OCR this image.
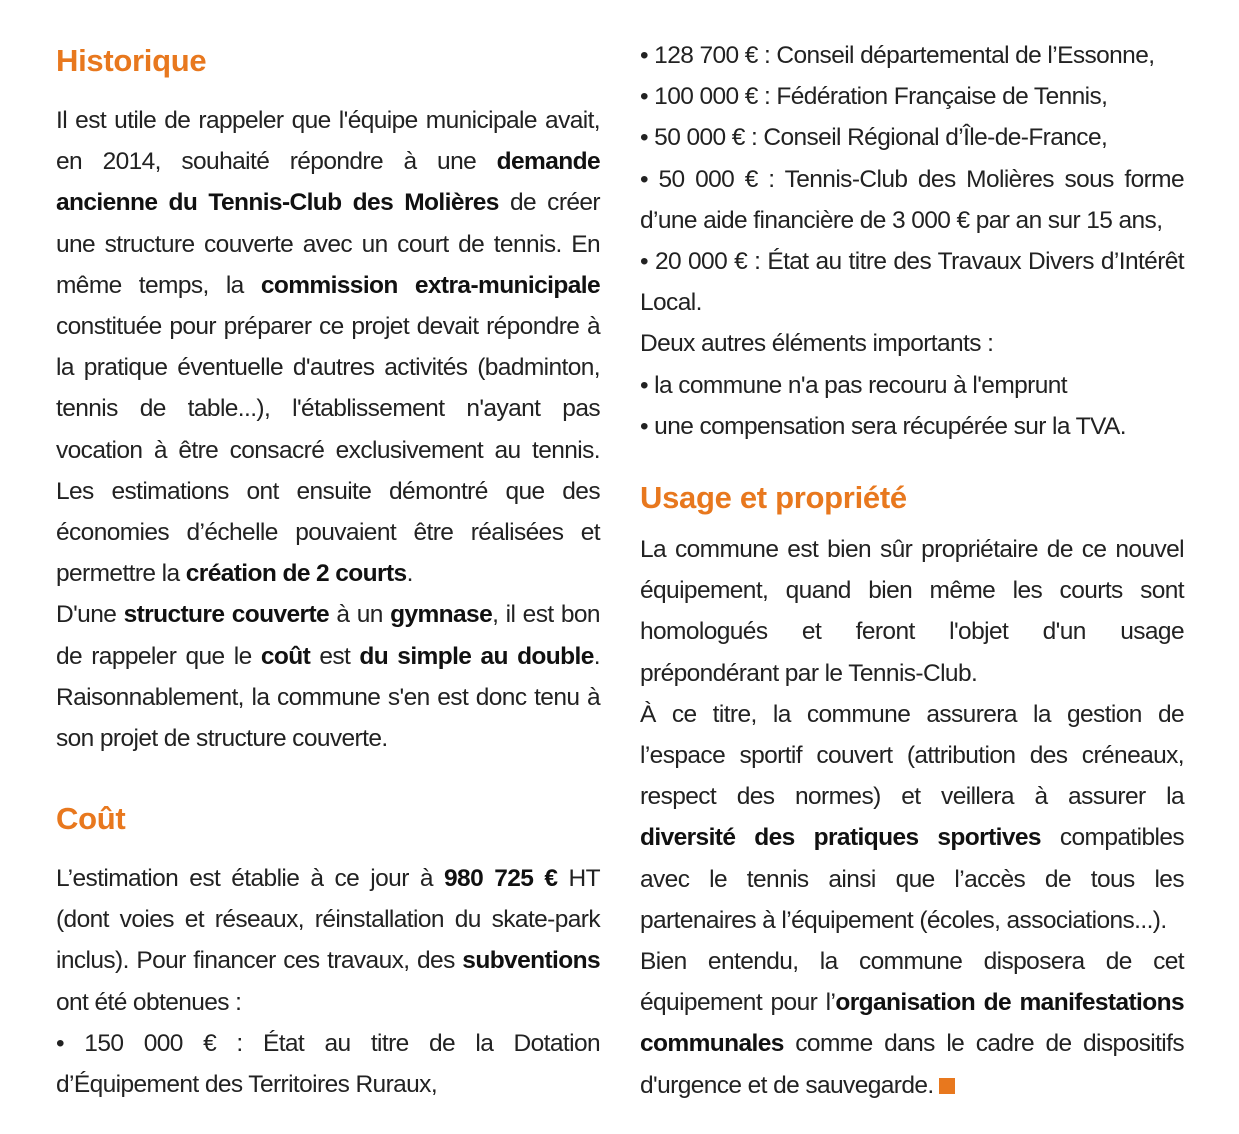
Historique

Il est utile de rappeler que l'équipe municipale avait, en 2014, souhaité répondre à une demande ancienne du Tennis-Club des Molières de créer une structure couverte avec un court de tennis. En même temps, la commission extra-municipale constituée pour préparer ce projet devait répondre à la pratique éventuelle d'autres activités (badminton, tennis de table...), l'établissement n'ayant pas vocation à être consacré exclusivement au tennis. Les estimations ont ensuite démontré que des économies d’échelle pouvaient être réalisées et permettre la création de 2 courts.

D'une structure couverte à un gymnase, il est bon de rappeler que le coût est du simple au double. Raisonnablement, la commune s'en est donc tenu à son projet de structure couverte.

Coût

L’estimation est établie à ce jour à 980 725 € HT (dont voies et réseaux, réinstallation du skate-park inclus). Pour financer ces travaux, des subventions ont été obtenues :

• 150 000 € : État au titre de la Dotation d’Équipement des Territoires Ruraux,

• 128 700 € : Conseil départemental de l’Essonne,

• 100 000 € : Fédération Française de Tennis,

• 50 000 € : Conseil Régional d’Île-de-France,

• 50 000 € : Tennis-Club des Molières sous forme d’une aide financière de 3 000 € par an sur 15 ans,

• 20 000 € : État au titre des Travaux Divers d’Intérêt Local.

Deux autres éléments importants :

• la commune n'a pas recouru à l'emprunt

• une compensation sera récupérée sur la TVA.

Usage et propriété

La commune est bien sûr propriétaire de ce nouvel équipement, quand bien même les courts sont homologués et feront l'objet d'un usage prépondérant par le Tennis-Club.

À ce titre, la commune assurera la gestion de l’espace sportif couvert (attribution des créneaux, respect des normes) et veillera à assurer la diversité des pratiques sportives compatibles avec le tennis ainsi que l’accès de tous les partenaires à l’équipement (écoles, associations...).

Bien entendu, la commune disposera de cet équipement pour l’organisation de manifestations communales comme dans le cadre de dispositifs d'urgence et de sauvegarde.
